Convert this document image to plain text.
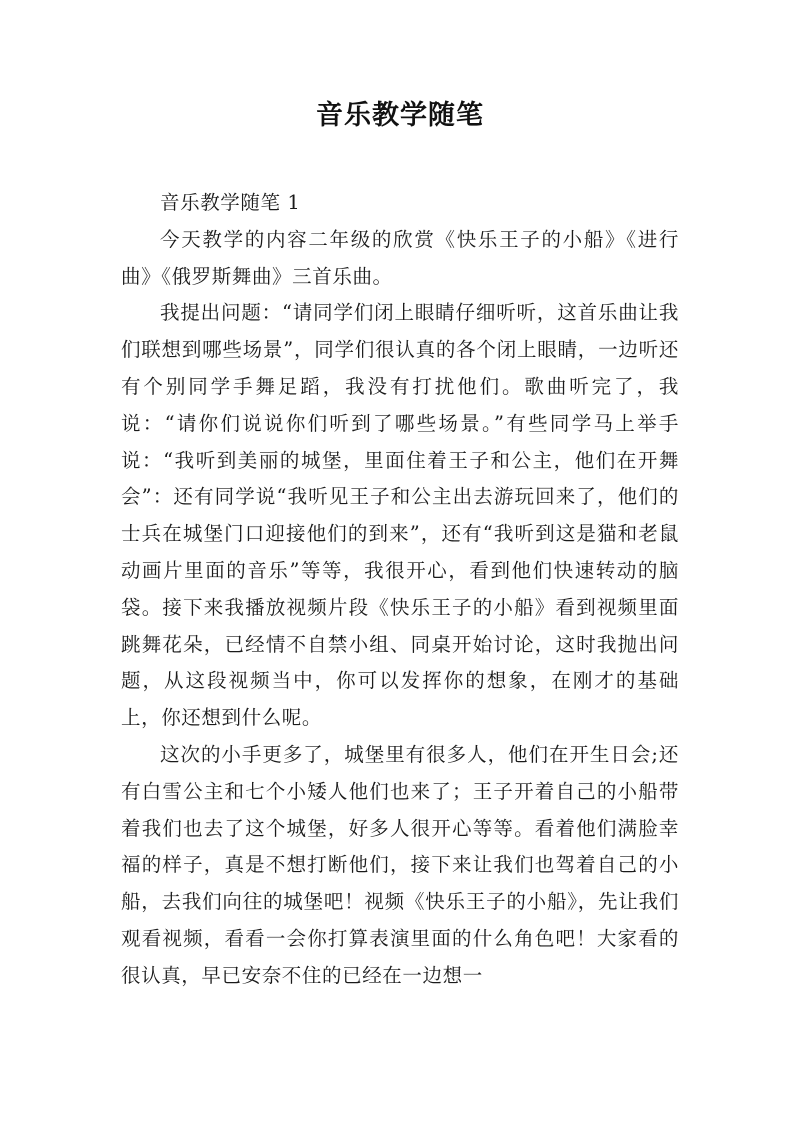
音乐教学随笔

音乐教学随笔 1

今天教学的内容二年级的欣赏《快乐王子的小船》《进行曲》《俄罗斯舞曲》三首乐曲。

我提出问题：“请同学们闭上眼睛仔细听听，这首乐曲让我们联想到哪些场景”，同学们很认真的各个闭上眼睛，一边听还有个别同学手舞足蹈，我没有打扰他们。歌曲听完了，我说：“请你们说说你们听到了哪些场景。”有些同学马上举手说：“我听到美丽的城堡，里面住着王子和公主，他们在开舞会”：还有同学说“我听见王子和公主出去游玩回来了，他们的士兵在城堡门口迎接他们的到来”，还有“我听到这是猫和老鼠动画片里面的音乐”等等，我很开心，看到他们快速转动的脑袋。接下来我播放视频片段《快乐王子的小船》看到视频里面跳舞花朵，已经情不自禁小组、同桌开始讨论，这时我抛出问题，从这段视频当中，你可以发挥你的想象，在刚才的基础上，你还想到什么呢。

这次的小手更多了，城堡里有很多人，他们在开生日会;还有白雪公主和七个小矮人他们也来了；王子开着自己的小船带着我们也去了这个城堡，好多人很开心等等。看着他们满脸幸福的样子，真是不想打断他们，接下来让我们也驾着自己的小船，去我们向往的城堡吧！视频《快乐王子的小船》，先让我们观看视频，看看一会你打算表演里面的什么角色吧！大家看的很认真，早已安奈不住的已经在一边想一
